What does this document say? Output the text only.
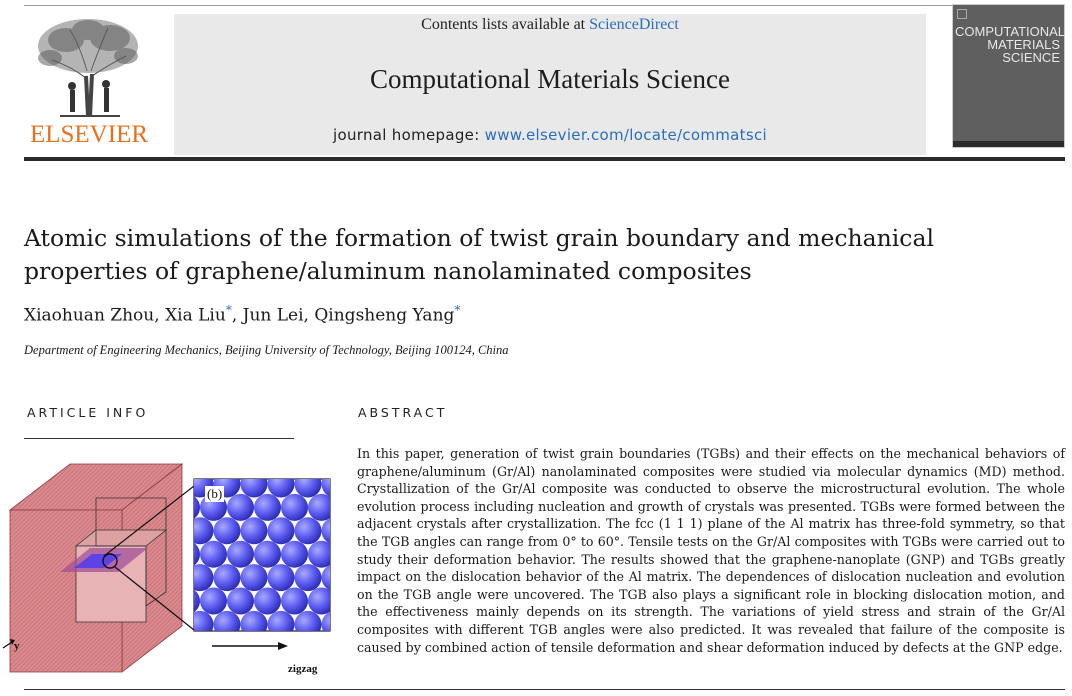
ELSEVIER
Contents lists available at ScienceDirect
Computational Materials Science
journal homepage: www.elsevier.com/locate/commatsci
COMPUTATIONAL
MATERIALS
SCIENCE
Atomic simulations of the formation of twist grain boundary and mechanical properties of graphene/aluminum nanolaminated composites
Xiaohuan Zhou, Xia Liu*, Jun Lei, Qingsheng Yang*
Department of Engineering Mechanics, Beijing University of Technology, Beijing 100124, China
ARTICLE INFO	ABSTRACT

In this paper, generation of twist grain boundaries (TGBs) and their effects on the mechanical behaviors of graphene/aluminum (Gr/Al) nanolaminated composites were studied via molecular dynamics (MD) method. Crystallization of the Gr/Al composite was conducted to observe the microstructural evolution. The whole evolution process including nucleation and growth of crystals was presented. TGBs were formed between the adjacent crystals after crystallization. The fcc (1 1 1) plane of the Al matrix has three-fold symmetry, so that the TGB angles can range from 0° to 60°. Tensile tests on the Gr/Al composites with TGBs were carried out to study their deformation behavior. The results showed that the graphene-nanoplate (GNP) and TGBs greatly impact on the dislocation behavior of the Al matrix. The dependences of dislocation nucleation and evolution on the TGB angle were uncovered. The TGB also plays a significant role in blocking dislocation motion, and the effectiveness mainly depends on its strength. The variations of yield stress and strain of the Gr/Al composites with different TGB angles were also predicted. It was revealed that failure of the composite is caused by combined action of tensile deformation and shear deformation induced by defects at the GNP edge.

(b)
zigzag
y
